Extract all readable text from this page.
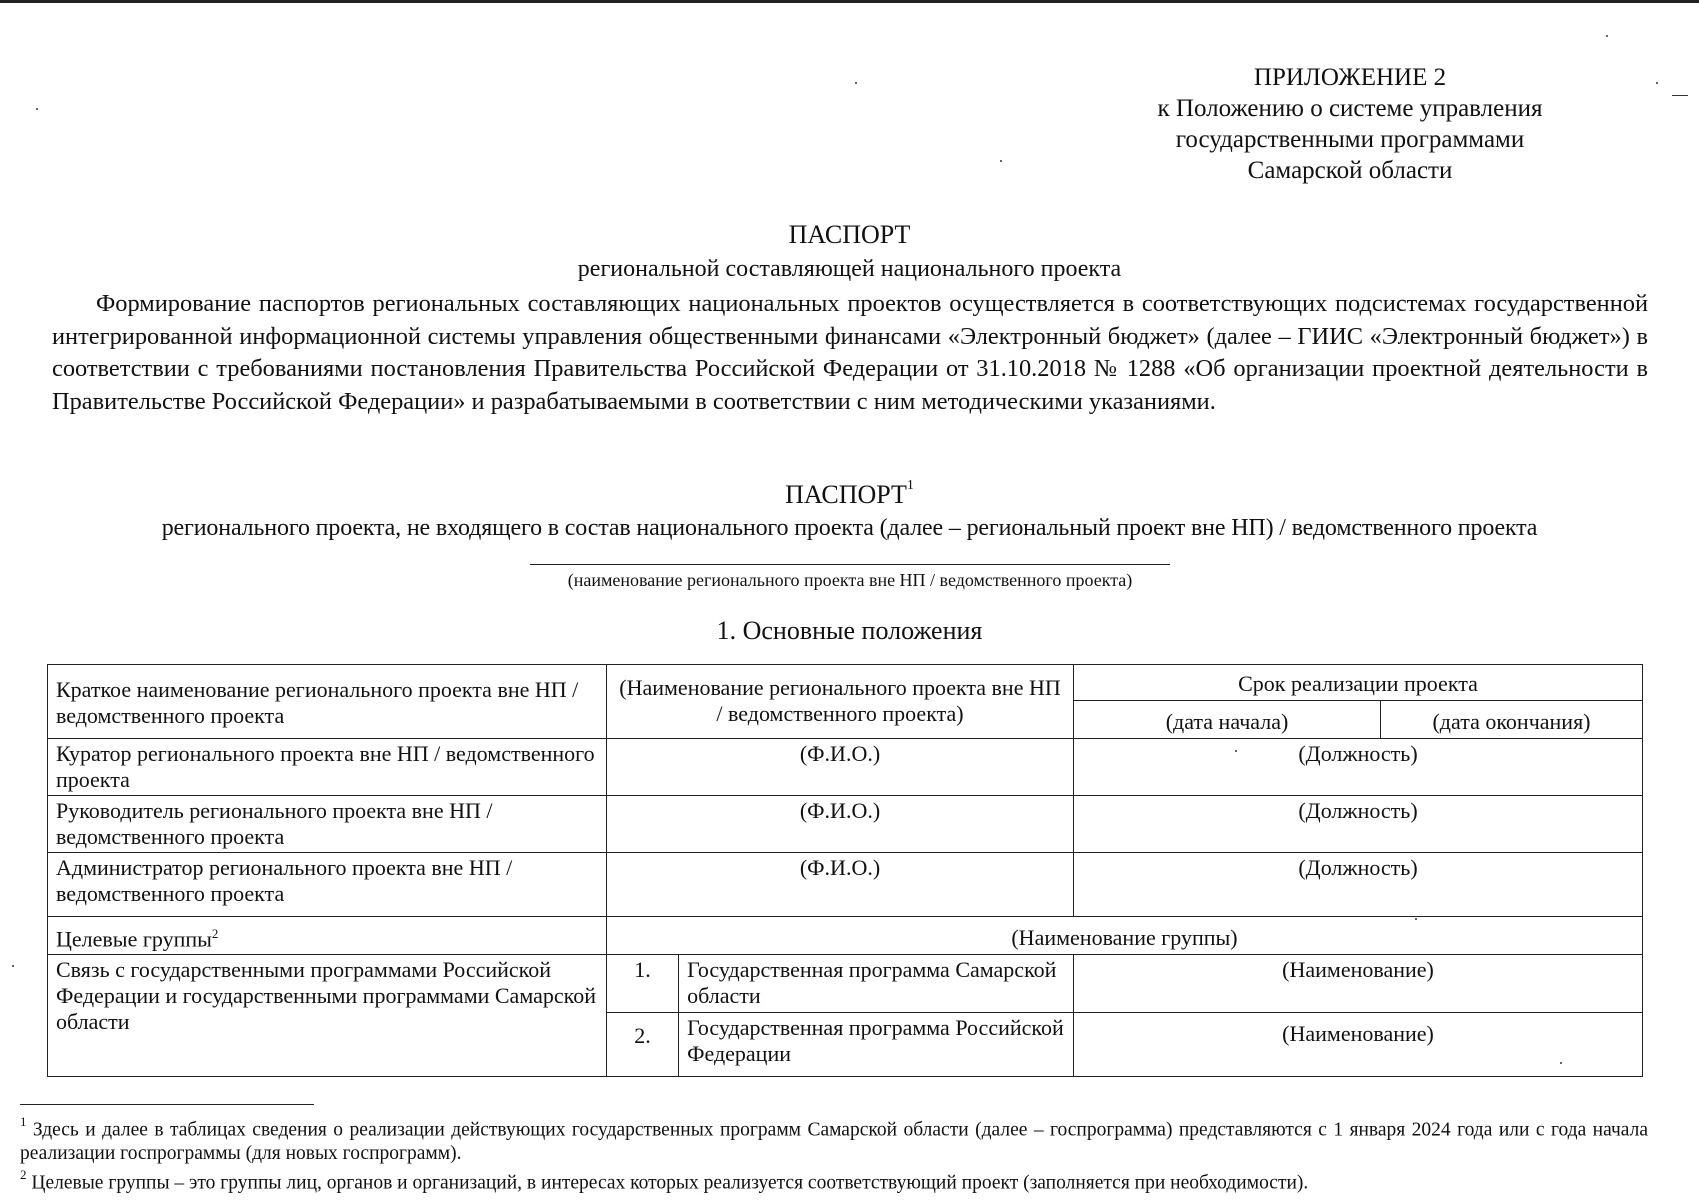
ПРИЛОЖЕНИЕ 2
к Положению о системе управления
государственными программами
Самарской области
ПАСПОРТ
региональной составляющей национального проекта
Формирование паспортов региональных составляющих национальных проектов осуществляется в соответствующих подсистемах государственной интегрированной информационной системы управления общественными финансами «Электронный бюджет» (далее – ГИИС «Электронный бюджет») в соответствии с требованиями постановления Правительства Российской Федерации от 31.10.2018 № 1288 «Об организации проектной деятельности в Правительстве Российской Федерации» и разрабатываемыми в соответствии с ним методическими указаниями.
ПАСПОРТ$^1$
регионального проекта, не входящего в состав национального проекта (далее – региональный проект вне НП) / ведомственного проекта
(наименование регионального проекта вне НП / ведомственного проекта)
1. Основные положения
Краткое наименование регионального проекта вне НП / ведомственного проекта	(Наименование регионального проекта вне НП / ведомственного проекта)		Срок реализации проекта	
			(дата начала)	(дата окончания)
Куратор регионального проекта вне НП / ведомственного проекта	(Ф.И.О.)		(Должность)	
Руководитель регионального проекта вне НП / ведомственного проекта	(Ф.И.О.)		(Должность)	
Администратор регионального проекта вне НП / ведомственного проекта	(Ф.И.О.)		(Должность)	
Целевые группы$^2$	(Наименование группы)			
Связь с государственными программами Российской Федерации и государственными программами Самарской области	1.	Государственная программа Самарской области	(Наименование)	
	2.	Государственная программа Российской Федерации	(Наименование)	
$^1$ Здесь и далее в таблицах сведения о реализации действующих государственных программ Самарской области (далее – госпрограмма) представляются с 1 января 2024 года или с года начала реализации госпрограммы (для новых госпрограмм).
$^2$ Целевые группы – это группы лиц, органов и организаций, в интересах которых реализуется соответствующий проект (заполняется при необходимости).
